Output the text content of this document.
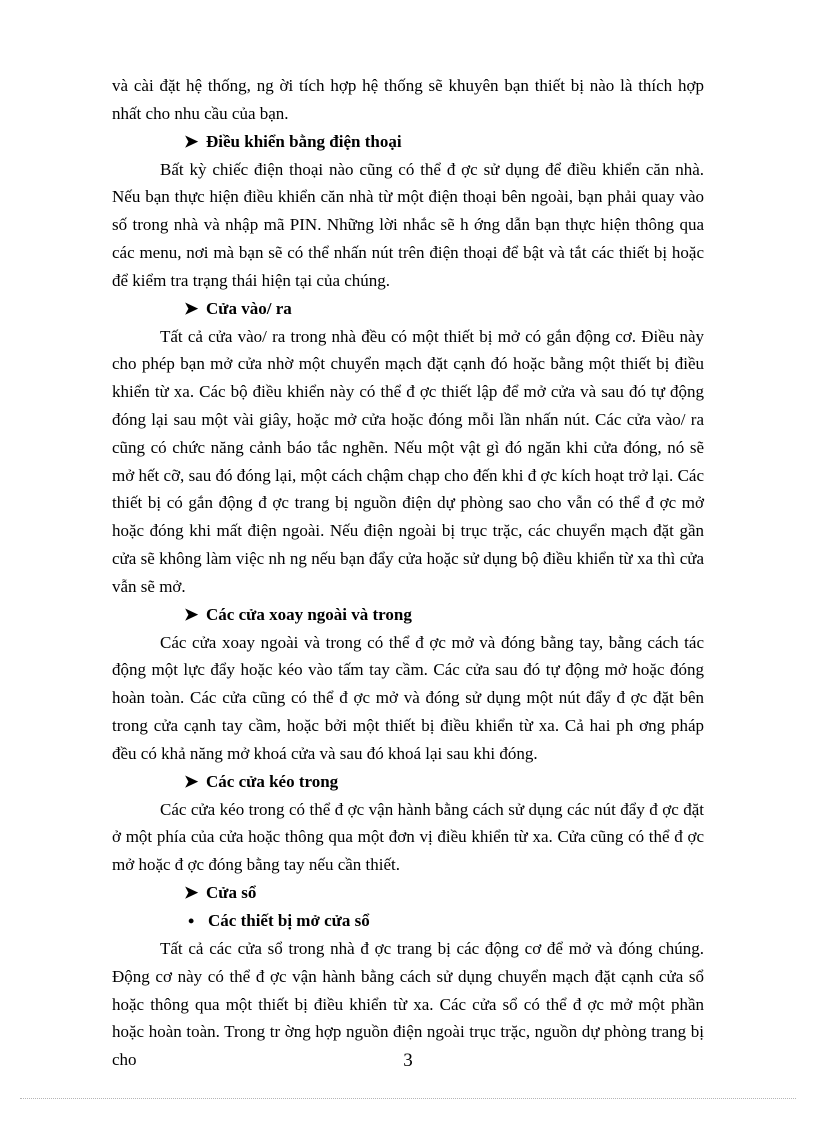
và cài đặt hệ thống, ng ời tích hợp hệ thống sẽ khuyên bạn thiết bị nào là thích hợp nhất cho nhu cầu của bạn.

➤ Điều khiển bằng điện thoại

Bất kỳ chiếc điện thoại nào cũng có thể đ ợc sử dụng để điều khiển căn nhà. Nếu bạn thực hiện điều khiển căn nhà từ một điện thoại bên ngoài, bạn phải quay vào số trong nhà và nhập mã PIN. Những lời nhắc sẽ h ớng dẫn bạn thực hiện thông qua các menu, nơi mà bạn sẽ có thể nhấn nút trên điện thoại để bật và tắt các thiết bị hoặc để kiểm tra trạng thái hiện tại của chúng.

➤ Cửa vào/ ra

Tất cả cửa vào/ ra trong nhà đều có một thiết bị mở có gắn động cơ. Điều này cho phép bạn mở cửa nhờ một chuyển mạch đặt cạnh đó hoặc bằng một thiết bị điều khiển từ xa. Các bộ điều khiển này có thể đ ợc thiết lập để mở cửa và sau đó tự động đóng lại sau một vài giây, hoặc mở cửa hoặc đóng mỗi lần nhấn nút. Các cửa vào/ ra cũng có chức năng cảnh báo tắc nghẽn. Nếu một vật gì đó ngăn khi cửa đóng, nó sẽ mở hết cỡ, sau đó đóng lại, một cách chậm chạp cho đến khi đ ợc kích hoạt trở lại. Các thiết bị có gắn động đ ợc trang bị nguồn điện dự phòng sao cho vẫn có thể đ ợc mở hoặc đóng khi mất điện ngoài. Nếu điện ngoài bị trục trặc, các chuyển mạch đặt gần cửa sẽ không làm việc nh ng nếu bạn đẩy cửa hoặc sử dụng bộ điều khiển từ xa thì cửa vẫn sẽ mở.

➤ Các cửa xoay ngoài và trong

Các cửa xoay ngoài và trong có thể đ ợc mở và đóng bằng tay, bằng cách tác động một lực đẩy hoặc kéo vào tấm tay cầm. Các cửa sau đó tự động mở hoặc đóng hoàn toàn. Các cửa cũng có thể đ ợc mở và đóng sử dụng một nút đẩy đ ợc đặt bên trong cửa cạnh tay cầm, hoặc bởi một thiết bị điều khiển từ xa. Cả hai ph ơng pháp đều có khả năng mở khoá cửa và sau đó khoá lại sau khi đóng.

➤ Các cửa kéo trong

Các cửa kéo trong có thể đ ợc vận hành bằng cách sử dụng các nút đẩy đ ợc đặt ở một phía của cửa hoặc thông qua một đơn vị điều khiển từ xa. Cửa cũng có thể đ ợc mở hoặc đ ợc đóng bằng tay nếu cần thiết.

➤ Cửa sổ
• Các thiết bị mở cửa sổ

Tất cả các cửa sổ trong nhà đ ợc trang bị các động cơ để mở và đóng chúng. Động cơ này có thể đ ợc vận hành bằng cách sử dụng chuyển mạch đặt cạnh cửa sổ hoặc thông qua một thiết bị điều khiển từ xa. Các cửa sổ có thể đ ợc mở một phần hoặc hoàn toàn. Trong tr ờng hợp nguồn điện ngoài trục trặc, nguồn dự phòng trang bị cho	3
